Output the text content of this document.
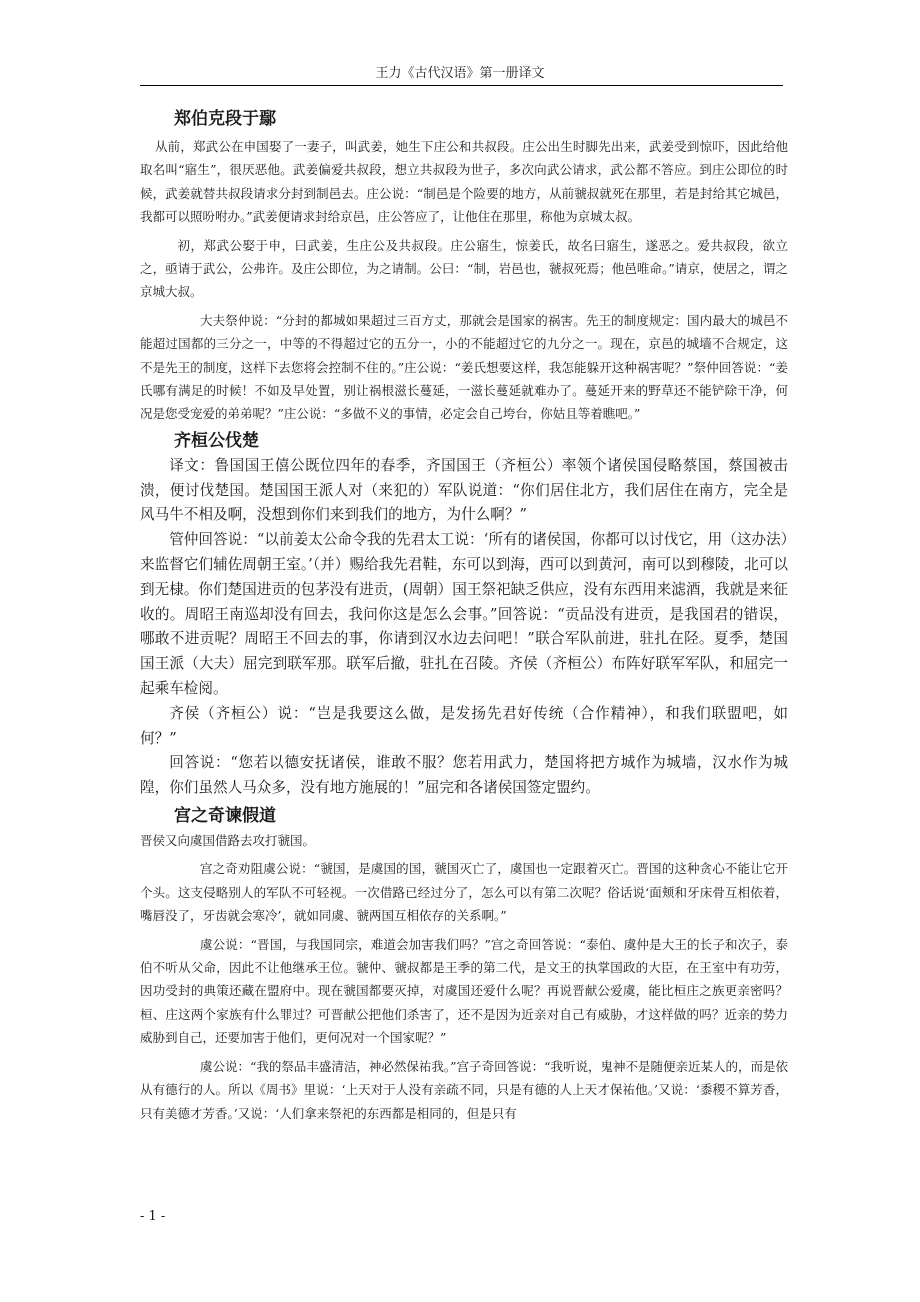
王力《古代汉语》第一册译文
郑伯克段于鄢

从前，郑武公在申国娶了一妻子，叫武姜，她生下庄公和共叔段。庄公出生时脚先出来，武姜受到惊吓，因此给他取名叫“寤生”，很厌恶他。武姜偏爱共叔段，想立共叔段为世子，多次向武公请求，武公都不答应。到庄公即位的时候，武姜就替共叔段请求分封到制邑去。庄公说：“制邑是个险要的地方，从前虢叔就死在那里，若是封给其它城邑，我都可以照吩咐办。”武姜便请求封给京邑，庄公答应了，让他住在那里，称他为京城太叔。

初，郑武公娶于申，曰武姜，生庄公及共叔段。庄公寤生，惊姜氏，故名曰寤生，遂恶之。爱共叔段，欲立之，亟请于武公，公弗许。及庄公即位，为之请制。公曰：“制，岩邑也，虢叔死焉；他邑唯命。”请京，使居之，谓之京城大叔。

大夫祭仲说：“分封的都城如果超过三百方丈，那就会是国家的祸害。先王的制度规定：国内最大的城邑不能超过国都的三分之一，中等的不得超过它的五分一，小的不能超过它的九分之一。现在，京邑的城墙不合规定，这不是先王的制度，这样下去您将会控制不住的。”庄公说：“姜氏想要这样，我怎能躲开这种祸害呢？”祭仲回答说：“姜氏哪有满足的时候！不如及早处置，别让祸根滋长蔓延，一滋长蔓延就难办了。蔓延开来的野草还不能铲除干净，何况是您受宠爱的弟弟呢？”庄公说：“多做不义的事情，必定会自己垮台，你姑且等着瞧吧。”

齐桓公伐楚

译文：鲁国国王僖公既位四年的春季，齐国国王（齐桓公）率领个诸侯国侵略蔡国，蔡国被击溃，便讨伐楚国。楚国国王派人对（来犯的）军队说道：“你们居住北方，我们居住在南方，完全是风马牛不相及啊，没想到你们来到我们的地方，为什么啊？”

管仲回答说：“以前姜太公命令我的先君太工说：‘所有的诸侯国，你都可以讨伐它，用（这办法）来监督它们辅佐周朝王室。’（并）赐给我先君鞋，东可以到海，西可以到黄河，南可以到穆陵，北可以到无棣。你们楚国进贡的包茅没有进贡，(周朝）国王祭祀缺乏供应，没有东西用来滤酒，我就是来征收的。周昭王南巡却没有回去，我问你这是怎么会事。”回答说：“贡品没有进贡，是我国君的错误，哪敢不进贡呢？周昭王不回去的事，你请到汉水边去问吧！”联合军队前进，驻扎在陉。夏季，楚国国王派（大夫）屈完到联军那。联军后撤，驻扎在召陵。齐侯（齐桓公）布阵好联军军队，和屈完一起乘车检阅。

齐侯（齐桓公）说：“岂是我要这么做，是发扬先君好传统（合作精神），和我们联盟吧，如何？”

回答说：“您若以德安抚诸侯，谁敢不服？您若用武力，楚国将把方城作为城墙，汉水作为城隍，你们虽然人马众多，没有地方施展的！”屈完和各诸侯国签定盟约。

宫之奇谏假道

晋侯又向虞国借路去攻打虢国。

宫之奇劝阻虞公说：“虢国，是虞国的国，虢国灭亡了，虞国也一定跟着灭亡。晋国的这种贪心不能让它开个头。这支侵略别人的军队不可轻视。一次借路已经过分了，怎么可以有第二次呢？俗话说‘面颊和牙床骨互相依着，嘴唇没了，牙齿就会寒冷’，就如同虞、虢两国互相依存的关系啊。”

虞公说：“晋国，与我国同宗，难道会加害我们吗？”宫之奇回答说：“泰伯、虞仲是大王的长子和次子，泰伯不听从父命，因此不让他继承王位。虢仲、虢叔都是王季的第二代，是文王的执掌国政的大臣，在王室中有功劳，因功受封的典策还藏在盟府中。现在虢国都要灭掉，对虞国还爱什么呢？再说晋献公爱虞，能比桓庄之族更亲密吗？桓、庄这两个家族有什么罪过？可晋献公把他们杀害了，还不是因为近亲对自己有威胁，才这样做的吗？近亲的势力威胁到自己，还要加害于他们，更何况对一个国家呢？”

虞公说：“我的祭品丰盛清洁，神必然保祐我。”宫子奇回答说：“我听说，鬼神不是随便亲近某人的，而是依从有德行的人。所以《周书》里说：‘上天对于人没有亲疏不同，只是有德的人上天才保祐他。’又说：‘黍稷不算芳香，只有美德才芳香。’又说：‘人们拿来祭祀的东西都是相同的，但是只有

- 1 -
